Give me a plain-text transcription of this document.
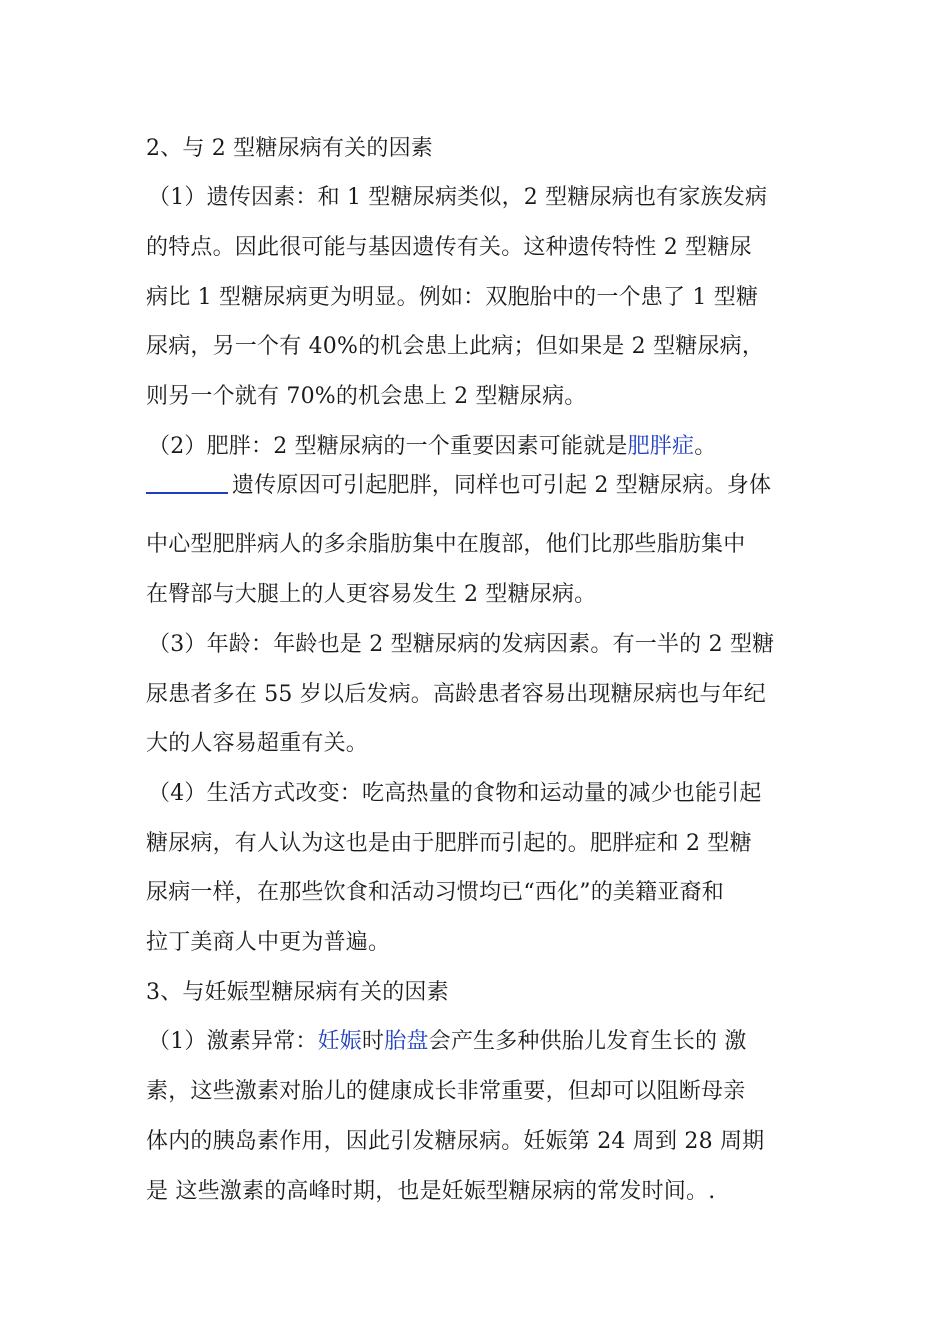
2、与 2 型糖尿病有关的因素
（1）遗传因素：和 1 型糖尿病类似，2 型糖尿病也有家族发病
的特点。因此很可能与基因遗传有关。这种遗传特性 2 型糖尿
病比 1 型糖尿病更为明显。例如：双胞胎中的一个患了 1 型糖
尿病，另一个有 40%的机会患上此病；但如果是 2 型糖尿病，
则另一个就有 70%的机会患上 2 型糖尿病。
（2）肥胖：2 型糖尿病的一个重要因素可能就是肥胖症。
遗传原因可引起肥胖，同样也可引起 2 型糖尿病。身体
中心型肥胖病人的多余脂肪集中在腹部，他们比那些脂肪集中
在臀部与大腿上的人更容易发生 2 型糖尿病。
（3）年龄：年龄也是 2 型糖尿病的发病因素。有一半的 2 型糖
尿患者多在 55 岁以后发病。高龄患者容易出现糖尿病也与年纪
大的人容易超重有关。
（4）生活方式改变：吃高热量的食物和运动量的减少也能引起
糖尿病，有人认为这也是由于肥胖而引起的。肥胖症和 2 型糖
尿病一样，在那些饮食和活动习惯均已“西化”的美籍亚裔和
拉丁美商人中更为普遍。
3、与妊娠型糖尿病有关的因素
（1）激素异常：妊娠时胎盘会产生多种供胎儿发育生长的 激
素，这些激素对胎儿的健康成长非常重要，但却可以阻断母亲
体内的胰岛素作用，因此引发糖尿病。妊娠第 24 周到 28 周期
是 这些激素的高峰时期，也是妊娠型糖尿病的常发时间。.
